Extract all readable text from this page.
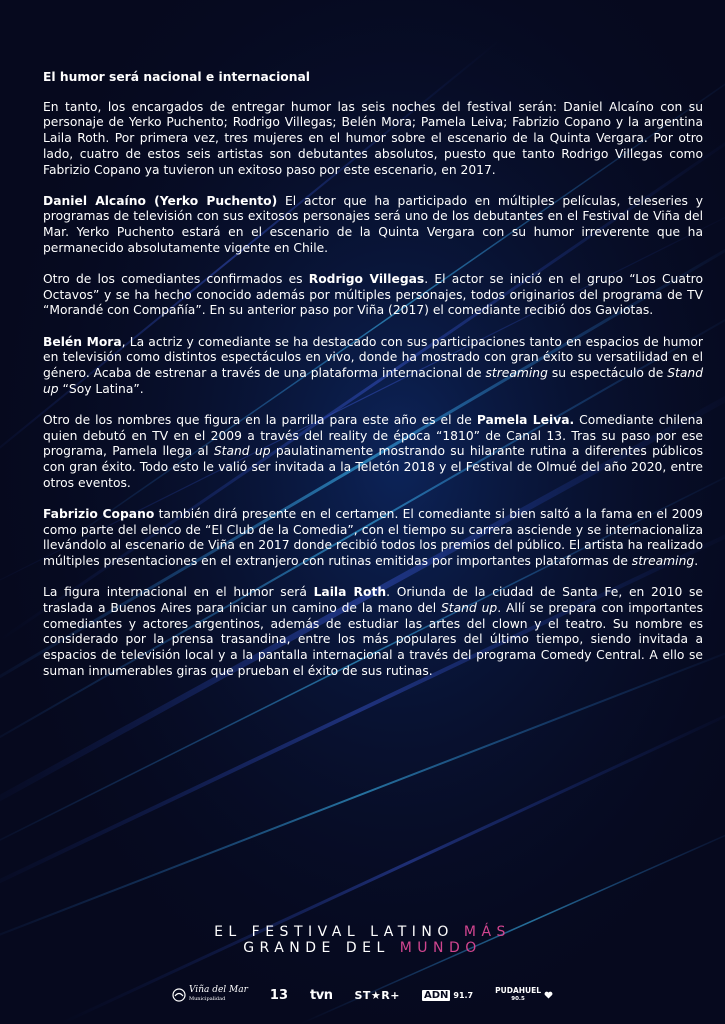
El humor será nacional e internacional

En tanto, los encargados de entregar humor las seis noches del festival serán: Daniel Alcaíno con su personaje de Yerko Puchento; Rodrigo Villegas; Belén Mora; Pamela Leiva; Fabrizio Copano y la argentina Laila Roth. Por primera vez, tres mujeres en el humor sobre el escenario de la Quinta Vergara. Por otro lado, cuatro de estos seis artistas son debutantes absolutos, puesto que tanto Rodrigo Villegas como Fabrizio Copano ya tuvieron un exitoso paso por este escenario, en 2017.

Daniel Alcaíno (Yerko Puchento) El actor que ha participado en múltiples películas, teleseries y programas de televisión con sus exitosos personajes será uno de los debutantes en el Festival de Viña del Mar. Yerko Puchento estará en el escenario de la Quinta Vergara con su humor irreverente que ha permanecido absolutamente vigente en Chile.

Otro de los comediantes confirmados es Rodrigo Villegas. El actor se inició en el grupo “Los Cuatro Octavos” y se ha hecho conocido además por múltiples personajes, todos originarios del programa de TV “Morandé con Compañía”. En su anterior paso por Viña (2017) el comediante recibió dos Gaviotas.

Belén Mora, La actriz y comediante se ha destacado con sus participaciones tanto en espacios de humor en televisión como distintos espectáculos en vivo, donde ha mostrado con gran éxito su versatilidad en el género. Acaba de estrenar a través de una plataforma internacional de streaming su espectáculo de Stand up “Soy Latina”.

Otro de los nombres que figura en la parrilla para este año es el de Pamela Leiva. Comediante chilena quien debutó en TV en el 2009 a través del reality de época “1810” de Canal 13. Tras su paso por ese programa, Pamela llega al Stand up paulatinamente mostrando su hilarante rutina a diferentes públicos con gran éxito. Todo esto le valió ser invitada a la Teletón 2018 y el Festival de Olmué del año 2020, entre otros eventos.

Fabrizio Copano también dirá presente en el certamen. El comediante si bien saltó a la fama en el 2009 como parte del elenco de “El Club de la Comedia”, con el tiempo su carrera asciende y se internacionaliza llevándolo al escenario de Viña en 2017 donde recibió todos los premios del público. El artista ha realizado múltiples presentaciones en el extranjero con rutinas emitidas por importantes plataformas de streaming.

La figura internacional en el humor será Laila Roth. Oriunda de la ciudad de Santa Fe, en 2010 se traslada a Buenos Aires para iniciar un camino de la mano del Stand up. Allí se prepara con importantes comediantes y actores argentinos, además de estudiar las artes del clown y el teatro. Su nombre es considerado por la prensa trasandina, entre los más populares del último tiempo, siendo invitada a espacios de televisión local y a la pantalla internacional a través del programa Comedy Central. A ello se suman innumerables giras que prueban el éxito de sus rutinas.

EL FESTIVAL LATINO MÁS
GRANDE DEL MUNDO
Viña del Mar
Municipalidad	13 tvn ST★R+ ADN 91.7	PUDAHUEL
90.5
